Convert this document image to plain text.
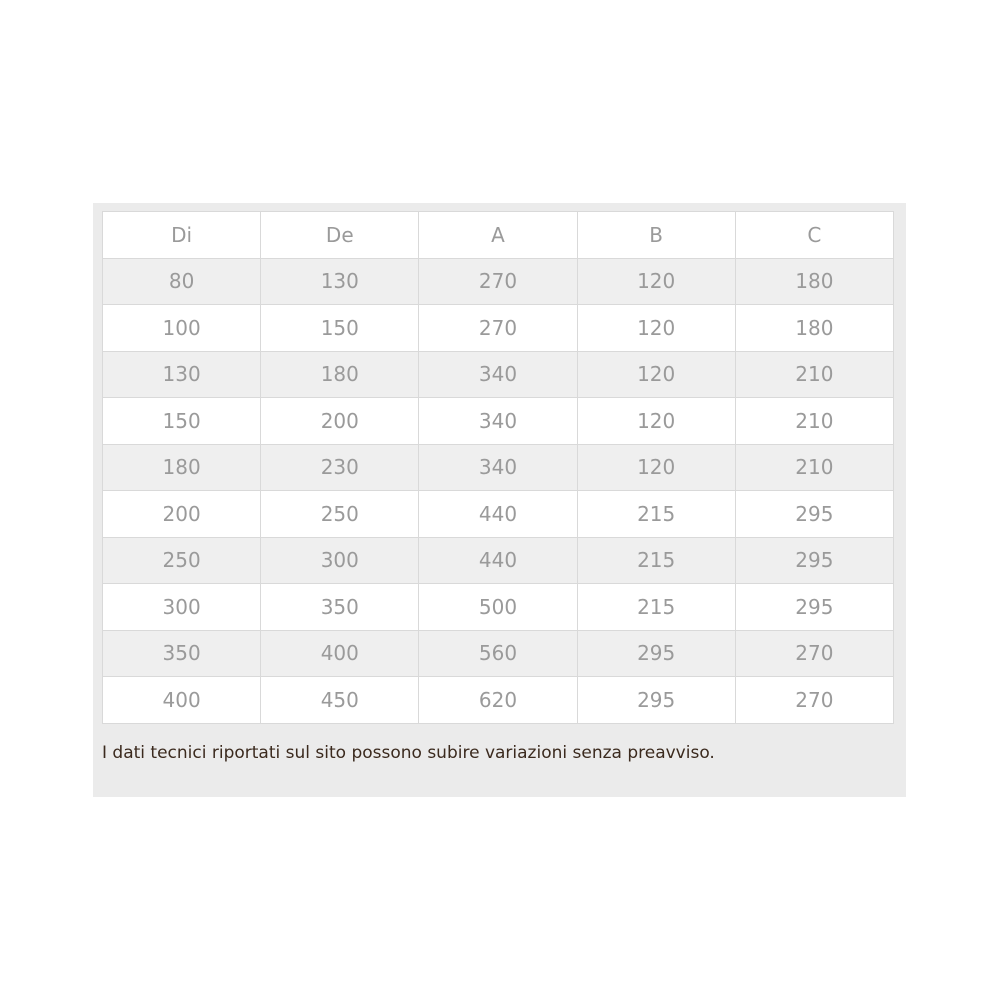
Di	De	A	B	C
80	130	270	120	180
100	150	270	120	180
130	180	340	120	210
150	200	340	120	210
180	230	340	120	210
200	250	440	215	295
250	300	440	215	295
300	350	500	215	295
350	400	560	295	270
400	450	620	295	270
I dati tecnici riportati sul sito possono subire variazioni senza preavviso.
